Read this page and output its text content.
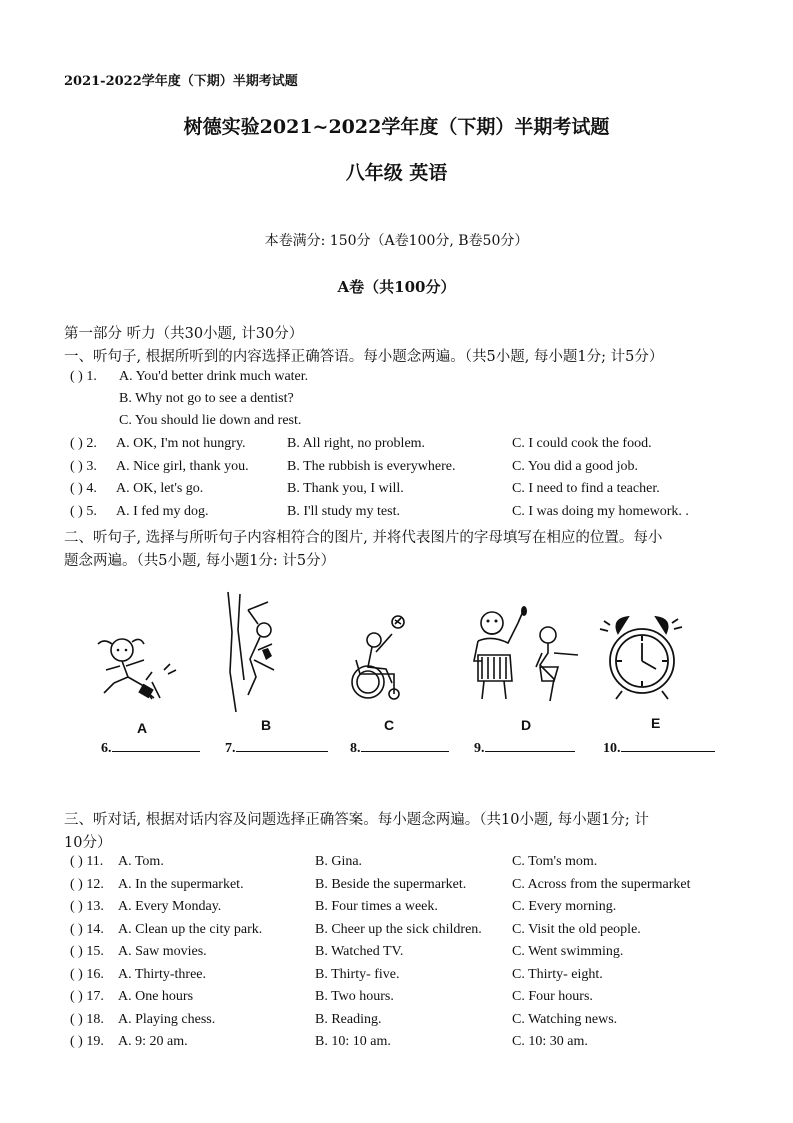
2021-2022学年度（下期）半期考试题
树德实验2021~2022学年度（下期）半期考试题
八年级 英语
本卷满分: 150分（A卷100分, B卷50分）
A卷（共100分）
第一部分 听力（共30小题, 计30分）
一、听句子, 根据所听到的内容选择正确答语。每小题念两遍。（共5小题, 每小题1分; 计5分）
( ) 1. A. You'd better drink much water.
B. Why not go to see a dentist?
C. You should lie down and rest.
( ) 2. A. OK, I'm not hungry.	B. All right, no problem.	C. I could cook the food.
( ) 3. A. Nice girl, thank you.	B. The rubbish is everywhere.	C. You did a good job.
( ) 4. A. OK, let's go.	B. Thank you, I will.	C. I need to find a teacher.
( ) 5. A. I fed my dog.	B. I'll study my test.	C. I was doing my homework. .
二、听句子, 选择与所听句子内容相符合的图片, 并将代表图片的字母填写在相应的位置。每小
题念两遍。（共5小题, 每小题1分: 计5分）
A	B	C	D	E
6.	7.	8.	9.	10.
三、听对话, 根据对话内容及问题选择正确答案。每小题念两遍。（共10小题, 每小题1分; 计
10分）
( ) 11. A. Tom.	B. Gina.	C. Tom's mom.
( ) 12. A. In the supermarket.	B. Beside the supermarket.	C. Across from the supermarket
( ) 13. A. Every Monday.	B. Four times a week.	C. Every morning.
( ) 14. A. Clean up the city park.	B. Cheer up the sick children. C. Visit the old people.
( ) 15. A. Saw movies.	B. Watched TV.	C. Went swimming.
( ) 16. A. Thirty-three.	B. Thirty- five.	C. Thirty- eight.
( ) 17. A. One hours	B. Two hours.	C. Four hours.
( ) 18. A. Playing chess.	B. Reading.	C. Watching news.
( ) 19. A. 9: 20 am.	B. 10: 10 am.	C. 10: 30 am.
